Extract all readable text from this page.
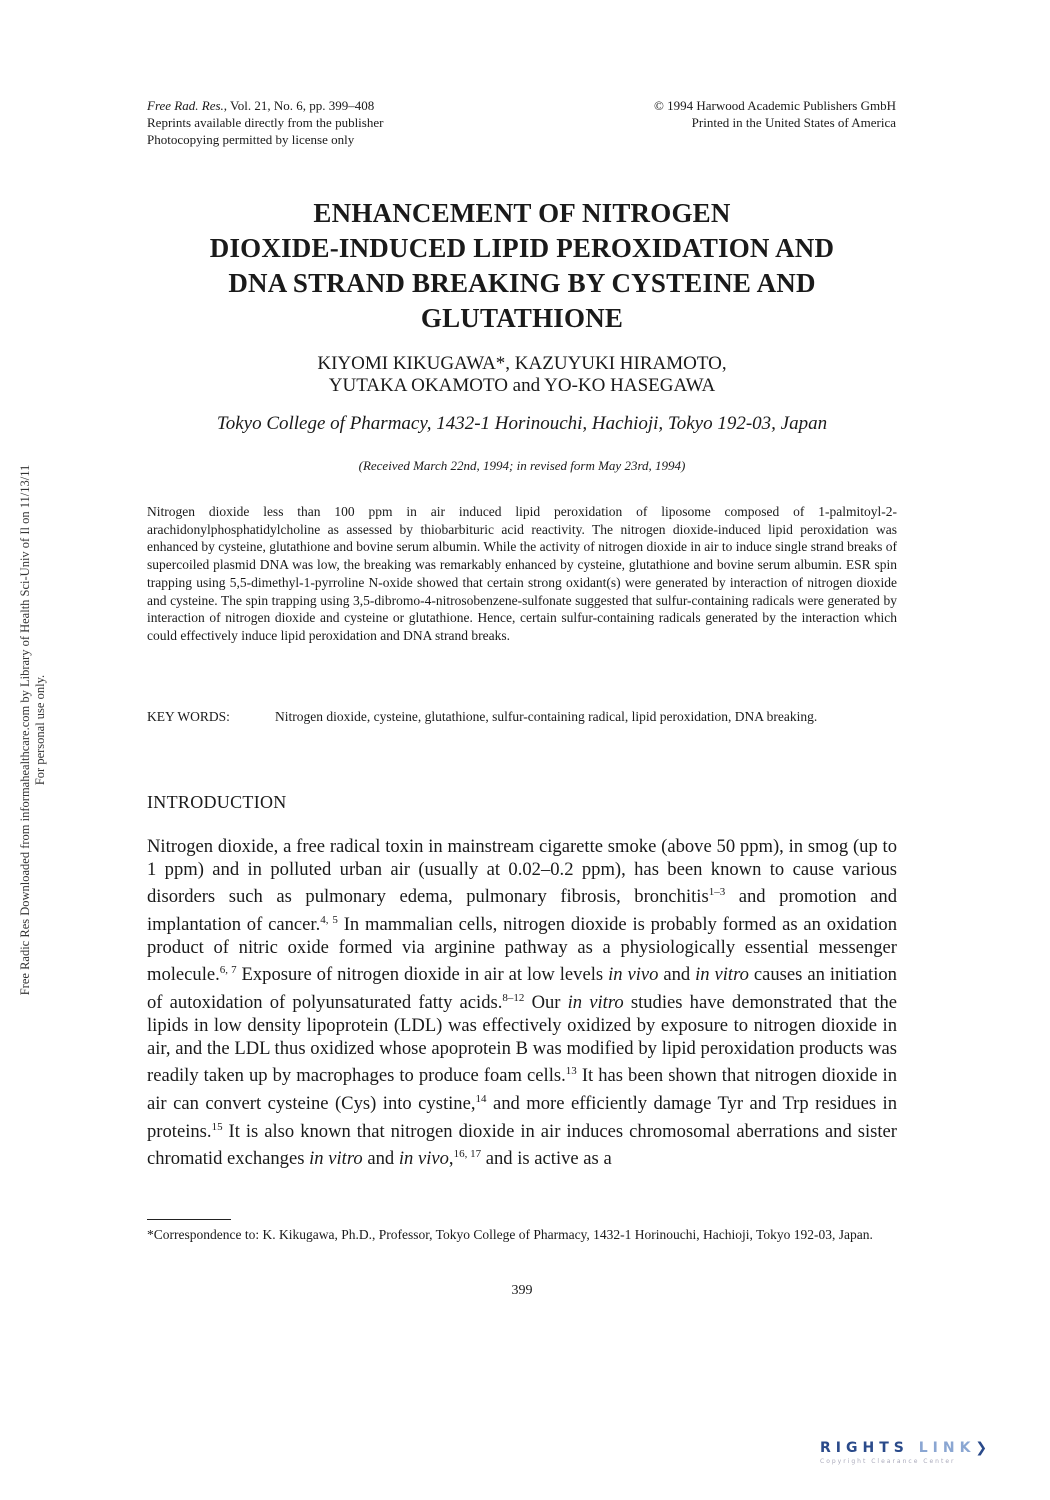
Free Rad. Res., Vol. 21, No. 6, pp. 399–408
Reprints available directly from the publisher
Photocopying permitted by license only
© 1994 Harwood Academic Publishers GmbH
Printed in the United States of America
ENHANCEMENT OF NITROGEN
DIOXIDE-INDUCED LIPID PEROXIDATION AND
DNA STRAND BREAKING BY CYSTEINE AND
GLUTATHIONE
KIYOMI KIKUGAWA*, KAZUYUKI HIRAMOTO,
YUTAKA OKAMOTO and YO-KO HASEGAWA
Tokyo College of Pharmacy, 1432-1 Horinouchi, Hachioji, Tokyo 192-03, Japan
(Received March 22nd, 1994; in revised form May 23rd, 1994)
Nitrogen dioxide less than 100 ppm in air induced lipid peroxidation of liposome composed of 1-palmitoyl-2-arachidonylphosphatidylcholine as assessed by thiobarbituric acid reactivity. The nitrogen dioxide-induced lipid peroxidation was enhanced by cysteine, glutathione and bovine serum albumin. While the activity of nitrogen dioxide in air to induce single strand breaks of supercoiled plasmid DNA was low, the breaking was remarkably enhanced by cysteine, glutathione and bovine serum albumin. ESR spin trapping using 5,5-dimethyl-1-pyrroline N-oxide showed that certain strong oxidant(s) were generated by interaction of nitrogen dioxide and cysteine. The spin trapping using 3,5-dibromo-4-nitrosobenzene-sulfonate suggested that sulfur-containing radicals were generated by interaction of nitrogen dioxide and cysteine or glutathione. Hence, certain sulfur-containing radicals generated by the interaction which could effectively induce lipid peroxidation and DNA strand breaks.
KEY WORDS:	Nitrogen dioxide, cysteine, glutathione, sulfur-containing radical, lipid peroxidation, DNA breaking.
INTRODUCTION
Nitrogen dioxide, a free radical toxin in mainstream cigarette smoke (above 50 ppm), in smog (up to 1 ppm) and in polluted urban air (usually at 0.02–0.2 ppm), has been known to cause various disorders such as pulmonary edema, pulmonary fibrosis, bronchitis$^{1-3}$ and promotion and implantation of cancer.$^{4, 5}$ In mammalian cells, nitrogen dioxide is probably formed as an oxidation product of nitric oxide formed via arginine pathway as a physiologically essential messenger molecule.$^{6, 7}$ Exposure of nitrogen dioxide in air at low levels in vivo and in vitro causes an initiation of autoxidation of polyunsaturated fatty acids.$^{8-12}$ Our in vitro studies have demonstrated that the lipids in low density lipoprotein (LDL) was effectively oxidized by exposure to nitrogen dioxide in air, and the LDL thus oxidized whose apoprotein B was modified by lipid peroxidation products was readily taken up by macrophages to produce foam cells.$^{13}$ It has been shown that nitrogen dioxide in air can convert cysteine (Cys) into cystine,$^{14}$ and more efficiently damage Tyr and Trp residues in proteins.$^{15}$ It is also known that nitrogen dioxide in air induces chromosomal aberrations and sister chromatid exchanges in vitro and in vivo,$^{16, 17}$ and is active as a
*Correspondence to: K. Kikugawa, Ph.D., Professor, Tokyo College of Pharmacy, 1432-1 Horinouchi, Hachioji, Tokyo 192-03, Japan.
399
Free Radic Res Downloaded from informahealthcare.com by Library of Health Sci-Univ of Il on 11/13/11 For personal use only.
RIGHTS LINK❯
Copyright Clearance Center
